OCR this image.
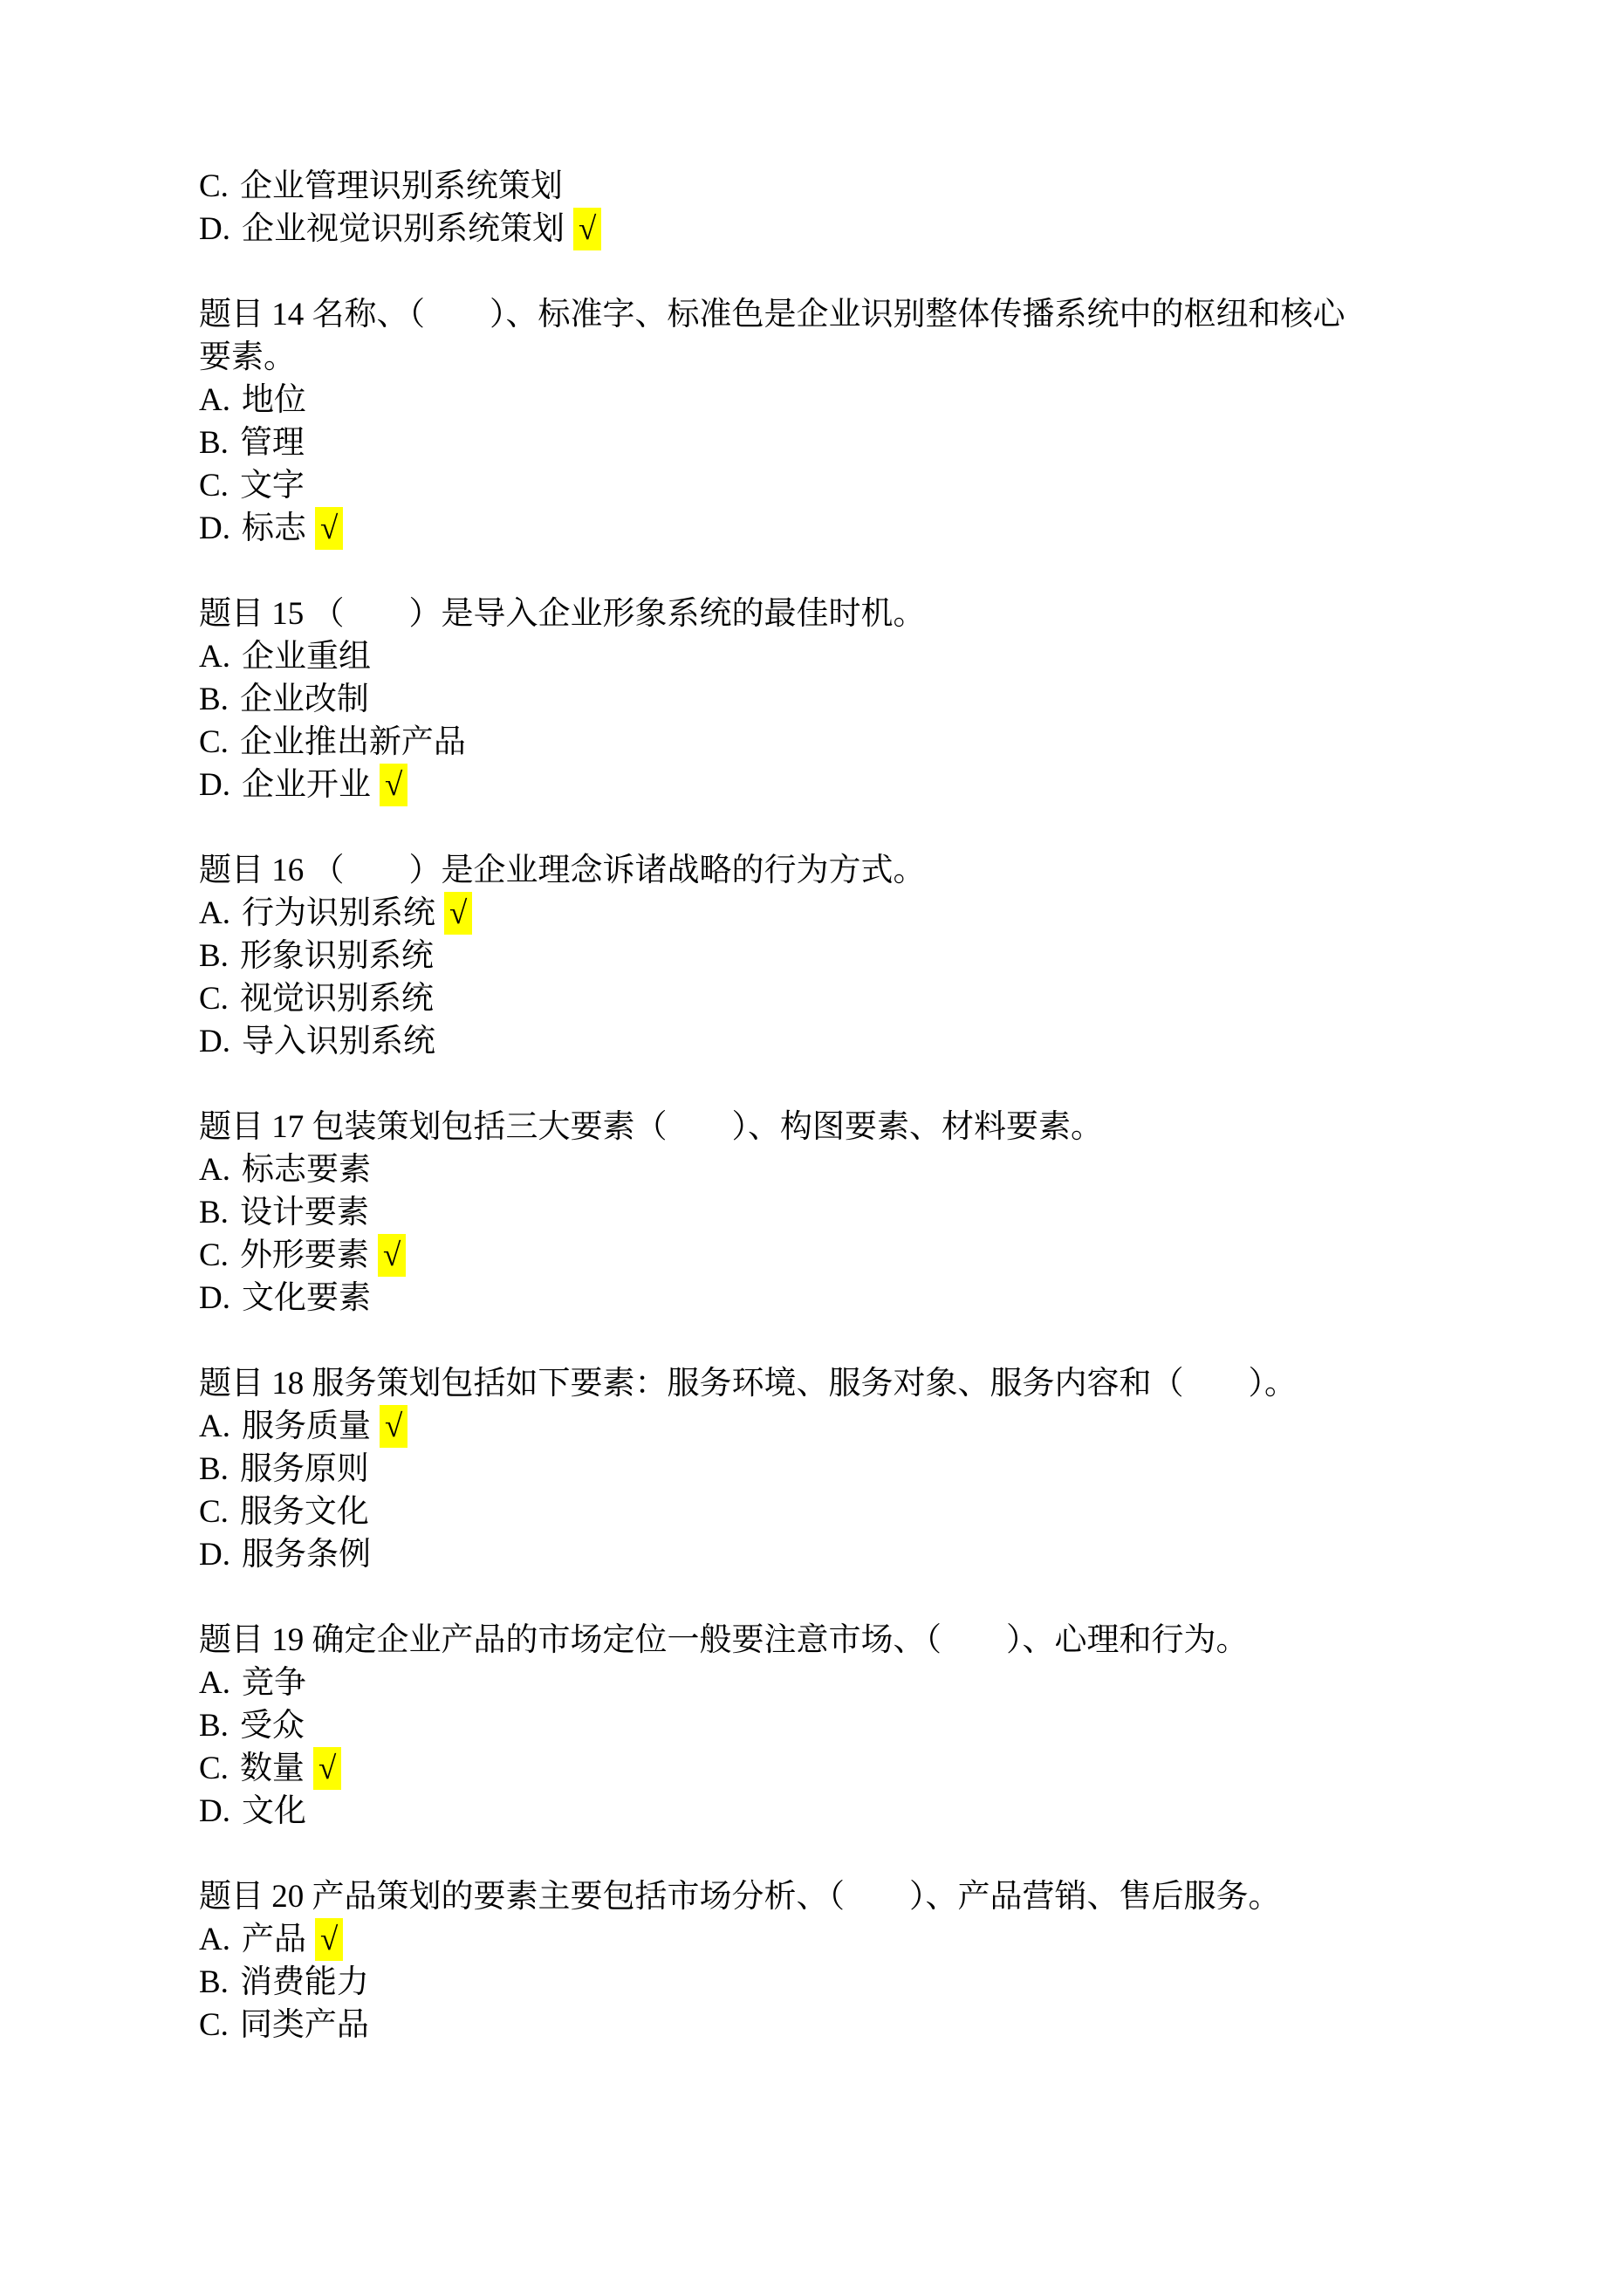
C. 企业管理识别系统策划
D. 企业视觉识别系统策划 √
题目 14 名称、（　　）、标准字、标准色是企业识别整体传播系统中的枢纽和核心
要素。
A. 地位
B. 管理
C. 文字
D. 标志 √
题目 15 （　　）是导入企业形象系统的最佳时机。
A. 企业重组
B. 企业改制
C. 企业推出新产品
D. 企业开业 √
题目 16 （　　）是企业理念诉诸战略的行为方式。
A. 行为识别系统 √
B. 形象识别系统
C. 视觉识别系统
D. 导入识别系统
题目 17 包装策划包括三大要素（　　）、构图要素、材料要素。
A. 标志要素
B. 设计要素
C. 外形要素 √
D. 文化要素
题目 18 服务策划包括如下要素：服务环境、服务对象、服务内容和（　　）。
A. 服务质量 √
B. 服务原则
C. 服务文化
D. 服务条例
题目 19 确定企业产品的市场定位一般要注意市场、（　　）、心理和行为。
A. 竞争
B. 受众
C. 数量 √
D. 文化
题目 20 产品策划的要素主要包括市场分析、（　　）、产品营销、售后服务。
A. 产品 √
B. 消费能力
C. 同类产品
